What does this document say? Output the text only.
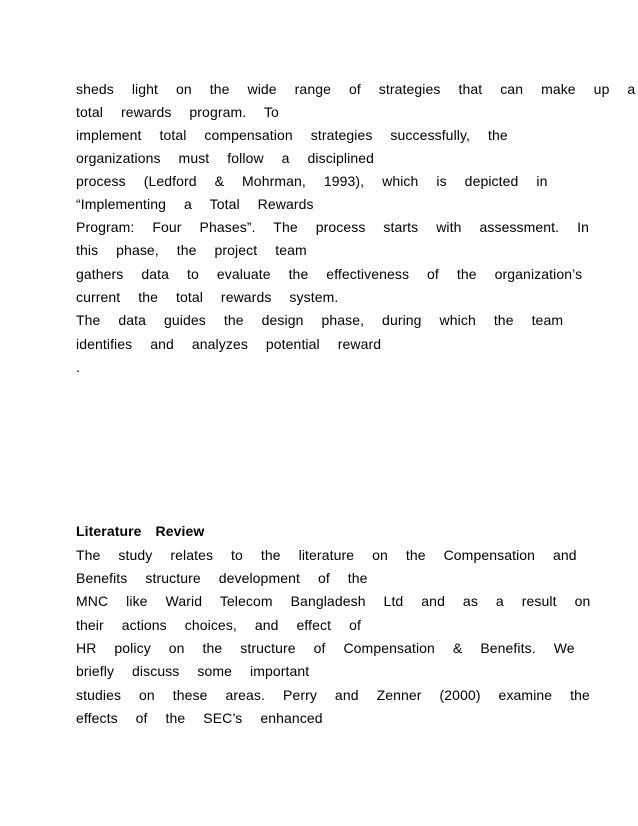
sheds  light  on  the  wide  range  of  strategies  that  can  make  up  a
total  rewards  program.  To
implement  total  compensation  strategies  successfully,  the
organizations  must  follow  a  disciplined
process  (Ledford  &  Mohrman,  1993),  which  is  depicted  in
“Implementing  a  Total  Rewards
Program:  Four  Phases”.  The  process  starts  with  assessment.  In
this  phase,  the  project  team
gathers  data  to  evaluate  the  effectiveness  of  the  organization’s
current  the  total  rewards  system.
The  data  guides  the  design  phase,  during  which  the  team
identifies  and  analyzes  potential  reward
.
Literature  Review
The  study  relates  to  the  literature  on  the  Compensation  and
Benefits  structure  development  of  the
MNC  like  Warid  Telecom  Bangladesh  Ltd  and  as  a  result  on
their  actions  choices,  and  effect  of
HR  policy  on  the  structure  of  Compensation  &  Benefits.  We
briefly  discuss  some  important
studies  on  these  areas.  Perry  and  Zenner  (2000)  examine  the
effects  of  the  SEC’s  enhanced
